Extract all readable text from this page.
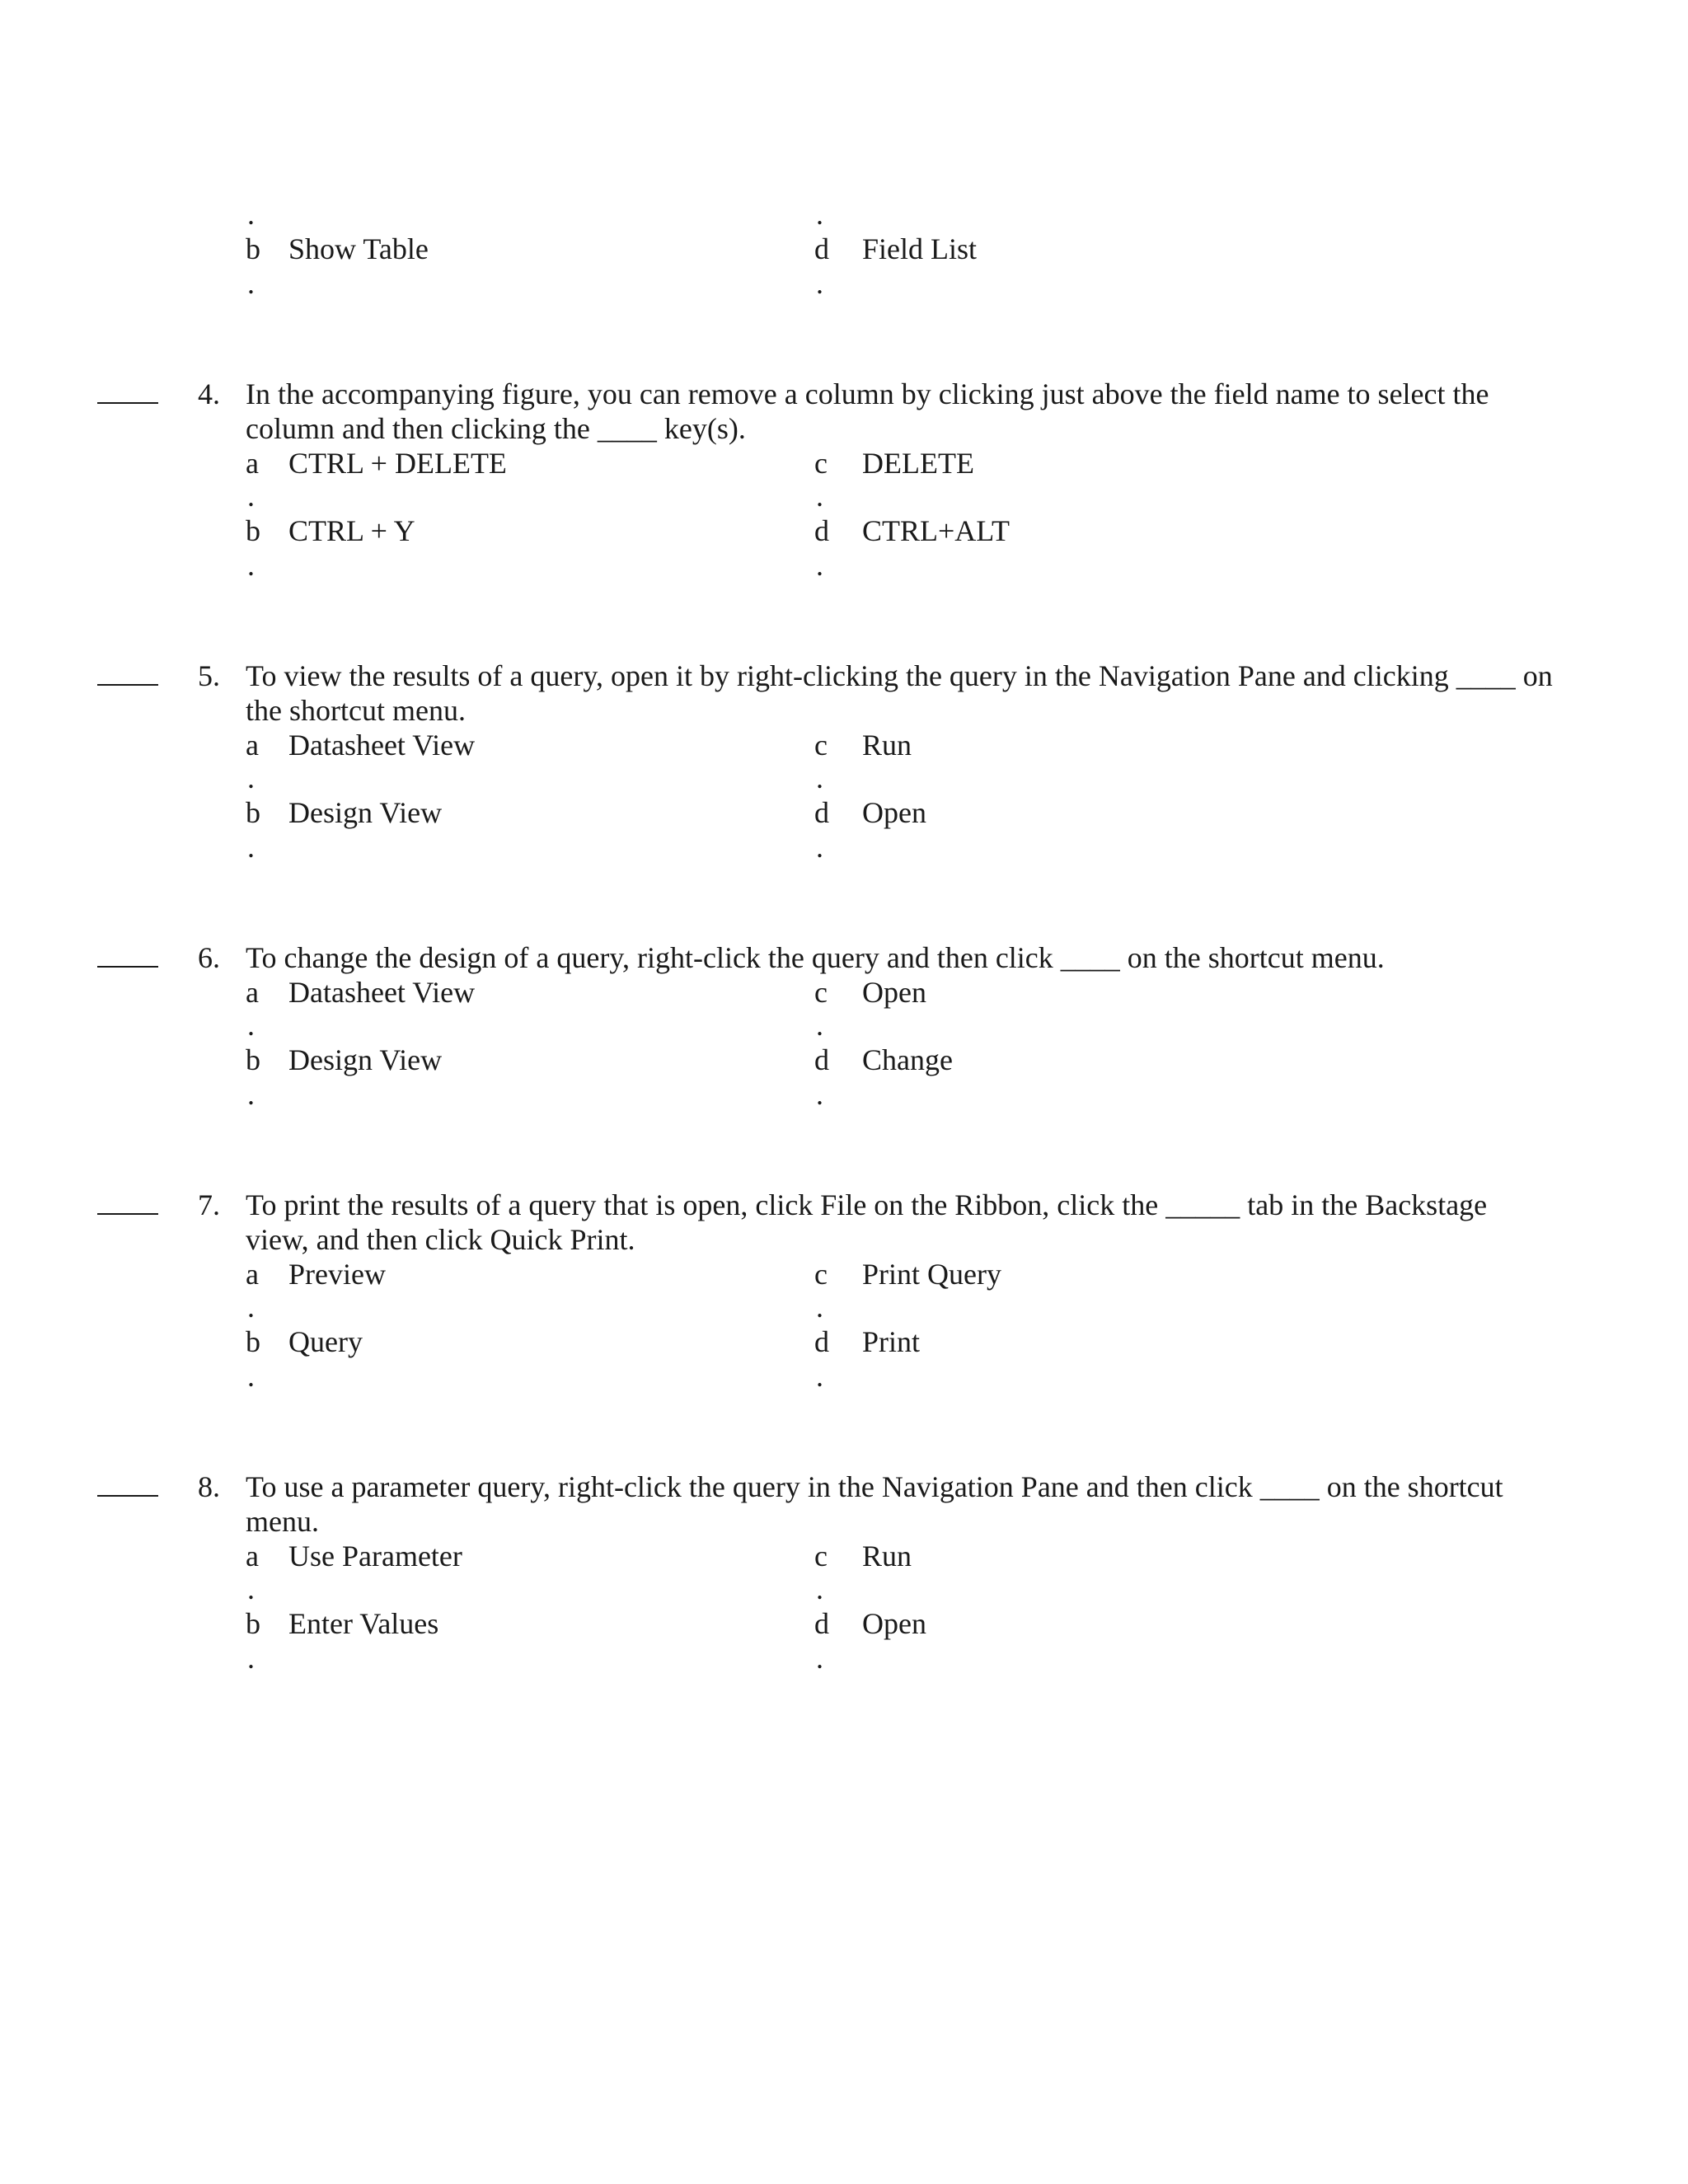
.	.
b Show Table	d Field List
.	.
4. In the accompanying figure, you can remove a column by clicking just above the field name to select the
column and then clicking the ____ key(s).
a CTRL + DELETE	c DELETE
.	.
b CTRL + Y	d CTRL+ALT
.	.
5. To view the results of a query, open it by right-clicking the query in the Navigation Pane and clicking ____ on
the shortcut menu.
a Datasheet View	c Run
.	.
b Design View	d Open
.	.
6. To change the design of a query, right-click the query and then click ____ on the shortcut menu.
a Datasheet View	c Open
.	.
b Design View	d Change
.	.
7. To print the results of a query that is open, click File on the Ribbon, click the _____ tab in the Backstage
view, and then click Quick Print.
a Preview	c Print Query
.	.
b Query	d Print
.	.
8. To use a parameter query, right-click the query in the Navigation Pane and then click ____ on the shortcut
menu.
a Use Parameter	c Run
.	.
b Enter Values	d Open
.	.
